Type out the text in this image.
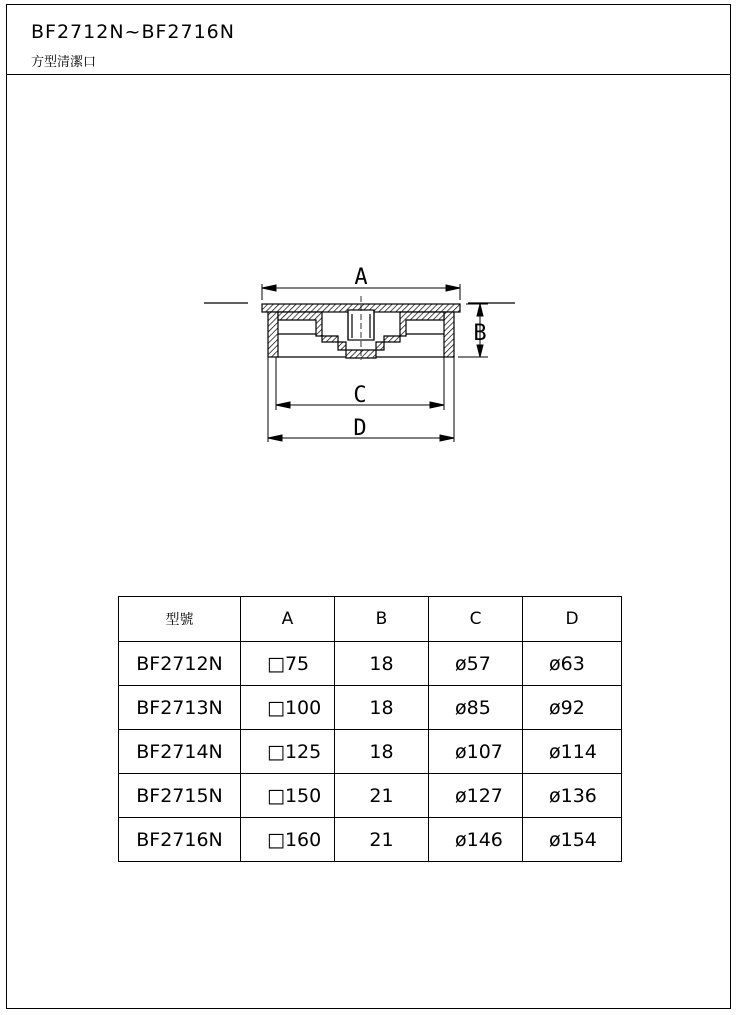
BF2712N~BF2716N
方型清潔口
A
B
C
D
型號	A	B	C	D
BF2712N	□75	18	ø57	ø63
BF2713N	□100	18	ø85	ø92
BF2714N	□125	18	ø107	ø114
BF2715N	□150	21	ø127	ø136
BF2716N	□160	21	ø146	ø154
